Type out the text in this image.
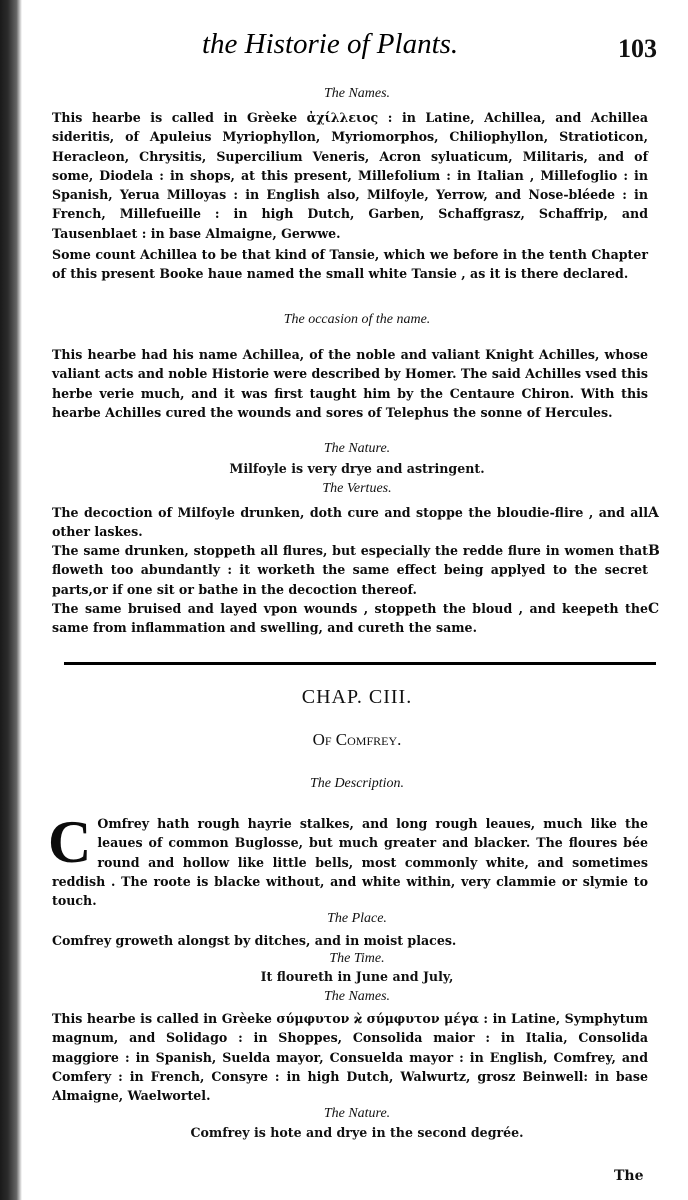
the Historie of Plants.	103
The Names.
This hearbe is called in Grèeke ἀχίλλειος : in Latine, Achillea, and Achillea sideritis, of Apuleius Myriophyllon, Myriomorphos, Chiliophyllon, Stratioticon, Heracleon, Chrysitis, Supercilium Veneris, Acron syluaticum, Militaris, and of some, Diodela : in shops, at this present, Millefolium : in Italian , Millefoglio : in Spanish, Yerua Milloyas : in English also, Milfoyle, Yerrow, and Nose-bléede : in French, Millefueille : in high Dutch, Garben, Schaffgrasz, Schaffrip, and Tausenblaet : in base Almaigne, Gerwwe.
Some count Achillea to be that kind of Tansie, which we before in the tenth Chapter of this present Booke haue named the small white Tansie , as it is there declared.
The occasion of the name.
This hearbe had his name Achillea, of the noble and valiant Knight Achilles, whose valiant acts and noble Historie were described by Homer. The said Achilles vsed this herbe verie much, and it was first taught him by the Centaure Chiron. With this hearbe Achilles cured the wounds and sores of Telephus the sonne of Hercules.
The Nature.
Milfoyle is very drye and astringent.
The Vertues.
The decoction of Milfoyle drunken, doth cure and stoppe the bloudie-flire , and all other laskes.
The same drunken, stoppeth all flures, but especially the redde flure in women that floweth too abundantly : it worketh the same effect being applyed to the secret parts,or if one sit or bathe in the decoction thereof.
The same bruised and layed vpon wounds , stoppeth the bloud , and keepeth the same from inflammation and swelling, and cureth the same.
A
B
C
CHAP. CIII.
Of Comfrey.
The Description.
C Omfrey hath rough hayrie stalkes, and long rough leaues, much like the leaues of common Buglosse, but much greater and blacker. The floures bée round and hollow like little bells, most commonly white, and sometimes reddish . The roote is blacke without, and white within, very clammie or slymie to touch.
The Place.
Comfrey groweth alongst by ditches, and in moist places.
The Time.
It floureth in June and July,
The Names.
This hearbe is called in Grèeke σύμφυτον ϰ̀ σύμφυτον μέγα : in Latine, Symphytum magnum, and Solidago : in Shoppes, Consolida maior : in Italia, Consolida maggiore : in Spanish, Suelda mayor, Consuelda mayor : in English, Comfrey, and Comfery : in French, Consyre : in high Dutch, Walwurtz, grosz Beinwell: in base Almaigne, Waelwortel.
The Nature.
Comfrey is hote and drye in the second degrée.
The
